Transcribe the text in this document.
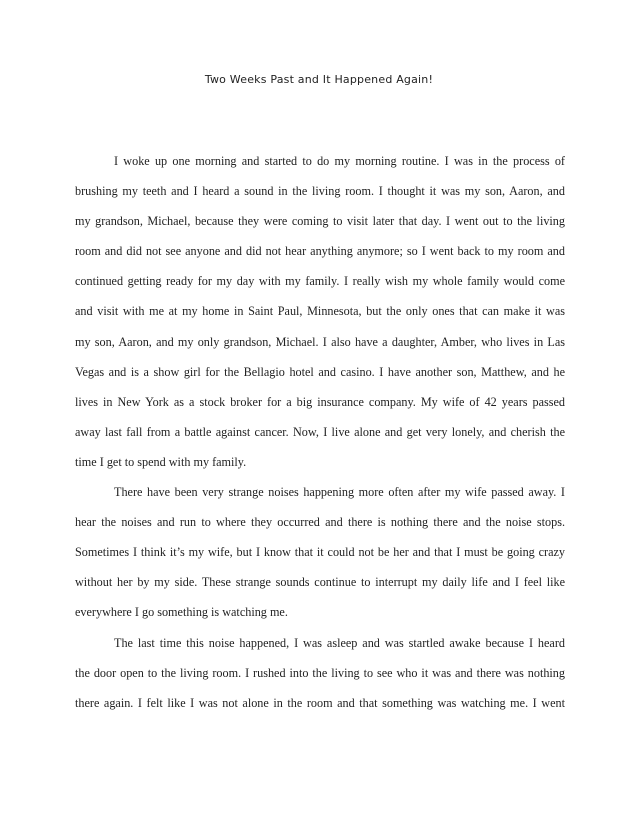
Two Weeks Past and It Happened Again!
I woke up one morning and started to do my morning routine. I was in the process of
brushing my teeth and I heard a sound in the living room. I thought it was my son, Aaron, and
my grandson, Michael, because they were coming to visit later that day. I went out to the living
room and did not see anyone and did not hear anything anymore; so I went back to my room and
continued getting ready for my day with my family. I really wish my whole family would come
and visit with me at my home in Saint Paul, Minnesota, but the only ones that can make it was
my son, Aaron, and my only grandson, Michael. I also have a daughter, Amber, who lives in Las
Vegas and is a show girl for the Bellagio hotel and casino. I have another son, Matthew, and he
lives in New York as a stock broker for a big insurance company. My wife of 42 years passed
away last fall from a battle against cancer. Now, I live alone and get very lonely, and cherish the
time I get to spend with my family.
There have been very strange noises happening more often after my wife passed away. I
hear the noises and run to where they occurred and there is nothing there and the noise stops.
Sometimes I think it’s my wife, but I know that it could not be her and that I must be going crazy
without her by my side. These strange sounds continue to interrupt my daily life and I feel like
everywhere I go something is watching me.
The last time this noise happened, I was asleep and was startled awake because I heard
the door open to the living room. I rushed into the living to see who it was and there was nothing
there again. I felt like I was not alone in the room and that something was watching me. I went
